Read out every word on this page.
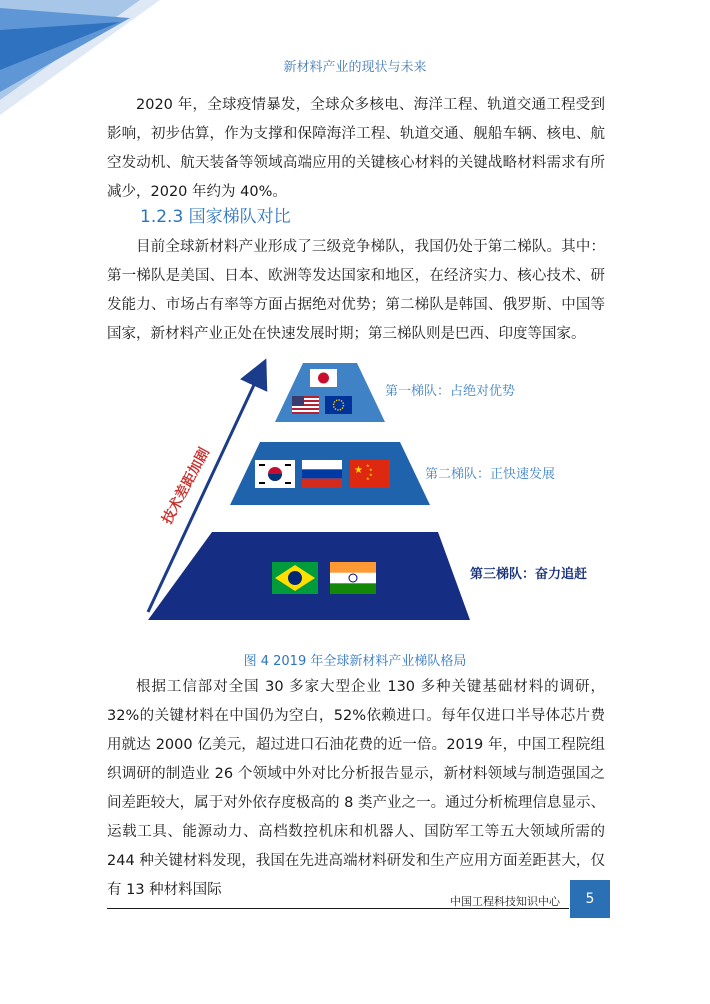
新材料产业的现状与未来

2020 年，全球疫情暴发，全球众多核电、海洋工程、轨道交通工程受到影响，初步估算，作为支撑和保障海洋工程、轨道交通、舰船车辆、核电、航空发动机、航天装备等领域高端应用的关键核心材料的关键战略材料需求有所减少，2020 年约为 40%。

1.2.3 国家梯队对比

目前全球新材料产业形成了三级竞争梯队，我国仍处于第二梯队。其中：第一梯队是美国、日本、欧洲等发达国家和地区，在经济实力、核心技术、研发能力、市场占有率等方面占据绝对优势；第二梯队是韩国、俄罗斯、中国等国家，新材料产业正处在快速发展时期；第三梯队则是巴西、印度等国家。

技术差距加剧
第一梯队：占绝对优势
★ ★
★
★
★	第二梯队：正快速发展
第三梯队：奋力追赶
图 4 2019 年全球新材料产业梯队格局

根据工信部对全国 30 多家大型企业 130 多种关键基础材料的调研，32%的关键材料在中国仍为空白，52%依赖进口。每年仅进口半导体芯片费用就达 2000 亿美元，超过进口石油花费的近一倍。2019 年，中国工程院组织调研的制造业 26 个领域中外对比分析报告显示，新材料领域与制造强国之间差距较大，属于对外依存度极高的 8 类产业之一。通过分析梳理信息显示、运载工具、能源动力、高档数控机床和机器人、国防军工等五大领域所需的 244 种关键材料发现，我国在先进高端材料研发和生产应用方面差距甚大，仅有 13 种材料国际

中国工程科技知识中心	5
